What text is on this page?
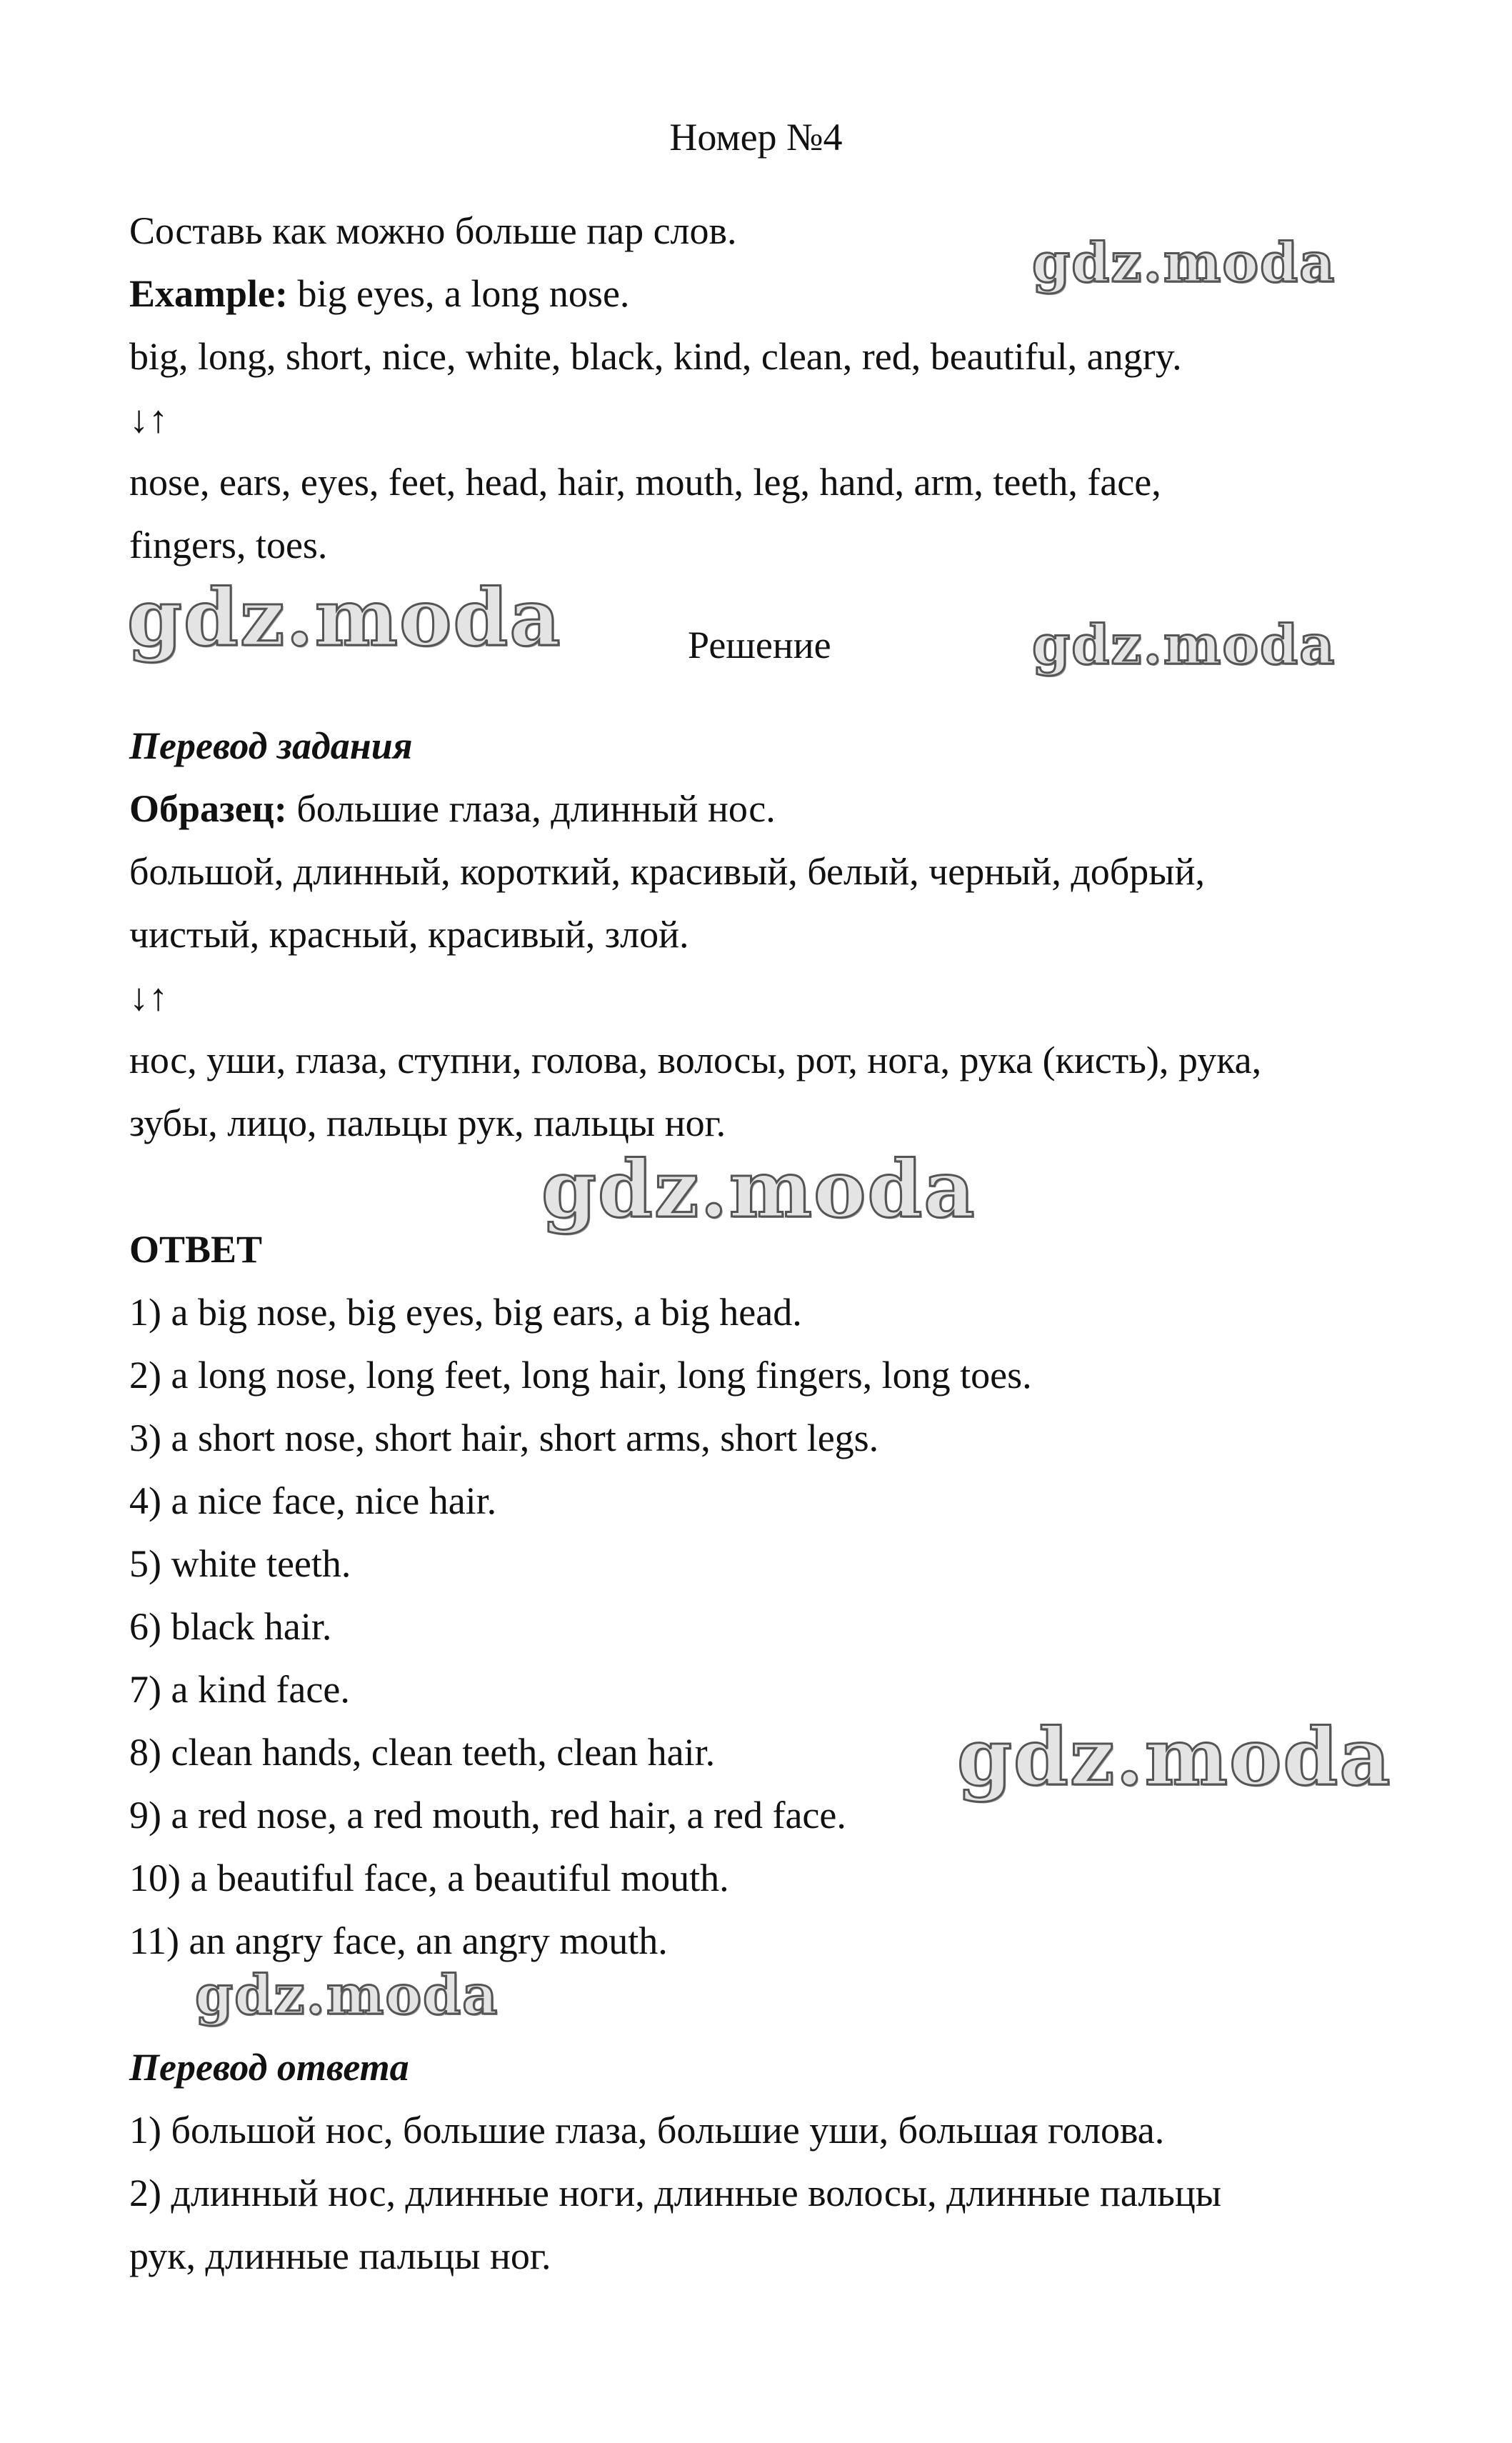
Номер №4
Составь как можно больше пар слов.
Example: big eyes, a long nose.
big, long, short, nice, white, black, kind, clean, red, beautiful, angry.
↓↑
nose, ears, eyes, feet, head, hair, mouth, leg, hand, arm, teeth, face,
fingers, toes.
Решение
Перевод задания
Образец: большие глаза, длинный нос.
большой, длинный, короткий, красивый, белый, черный, добрый,
чистый, красный, красивый, злой.
↓↑
нос, уши, глаза, ступни, голова, волосы, рот, нога, рука (кисть), рука,
зубы, лицо, пальцы рук, пальцы ног.
ОТВЕТ
1) a big nose, big eyes, big ears, a big head.
2) a long nose, long feet, long hair, long fingers, long toes.
3) a short nose, short hair, short arms, short legs.
4) a nice face, nice hair.
5) white teeth.
6) black hair.
7) a kind face.
8) clean hands, clean teeth, clean hair.
9) a red nose, a red mouth, red hair, a red face.
10) a beautiful face, a beautiful mouth.
11) an angry face, an angry mouth.
Перевод ответа
1) большой нос, большие глаза, большие уши, большая голова.
2) длинный нос, длинные ноги, длинные волосы, длинные пальцы
рук, длинные пальцы ног.
gdz.moda
gdz.moda	gdz.moda
gdz.moda
gdz.moda
gdz.moda
